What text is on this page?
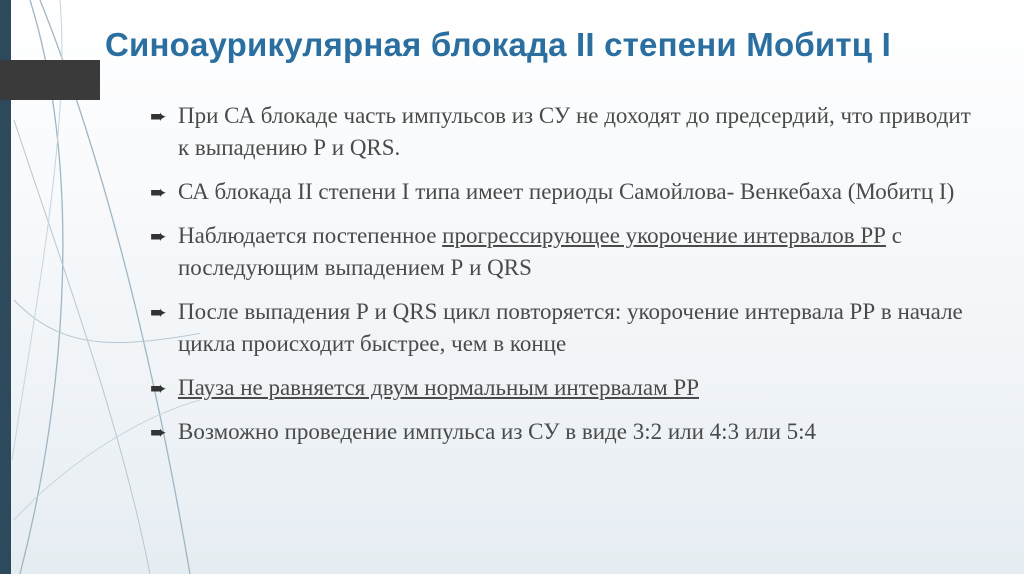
Синоаурикулярная блокада II степени Мобитц I
➨ При СА блокаде часть импульсов из СУ не доходят до предсердий, что приводит к выпадению Р и QRS.
➨ СА блокада II степени I типа имеет периоды Самойлова- Венкебаха (Мобитц I)
➨ Наблюдается постепенное прогрессирующее укорочение интервалов РР с последующим выпадением Р и QRS
➨ После выпадения Р и QRS цикл повторяется: укорочение интервала РР в начале цикла происходит быстрее, чем в конце
➨ Пауза не равняется двум нормальным интервалам РР
➨ Возможно проведение импульса из СУ в виде 3:2 или 4:3 или 5:4
